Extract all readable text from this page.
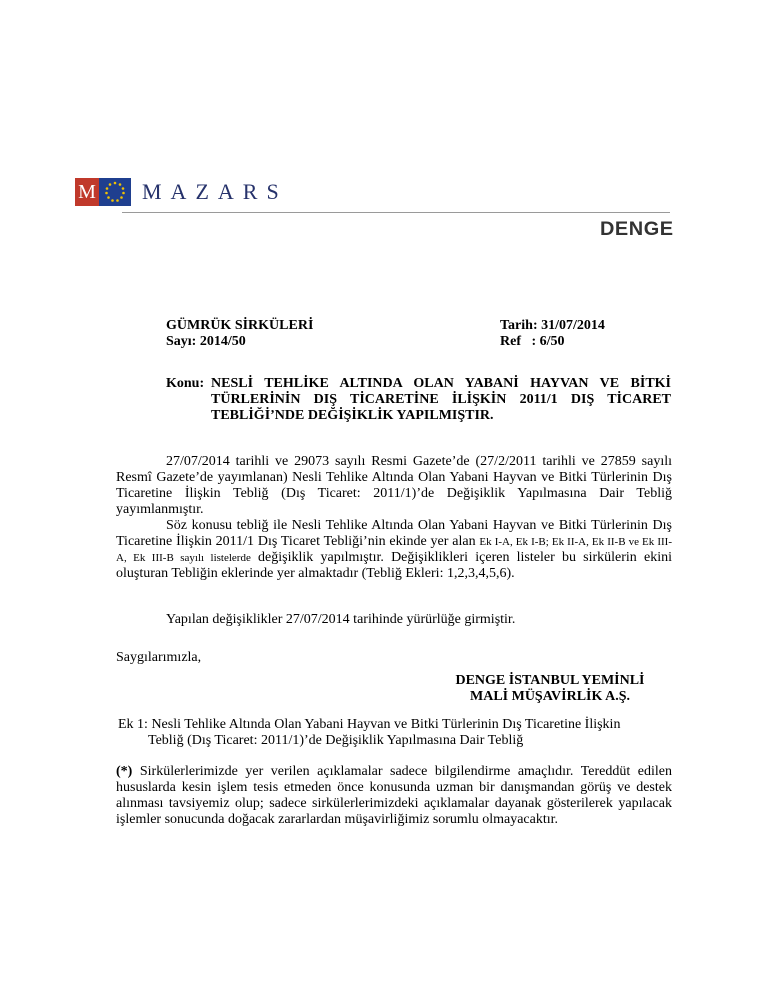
M MAZARS
DENGE
GÜMRÜK SİRKÜLERİ
Sayı: 2014/50
Tarih: 31/07/2014
Ref   : 6/50
Konu: NESLİ TEHLİKE ALTINDA OLAN YABANİ HAYVAN VE BİTKİ TÜRLERİNİN DIŞ TİCARETİNE İLİŞKİN 2011/1 DIŞ TİCARET TEBLİĞİ’NDE DEĞİŞİKLİK YAPILMIŞTIR.
27/07/2014 tarihli ve 29073 sayılı Resmi Gazete’de (27/2/2011 tarihli ve 27859 sayılı Resmî Gazete’de yayımlanan) Nesli Tehlike Altında Olan Yabani Hayvan ve Bitki Türlerinin Dış Ticaretine İlişkin Tebliğ (Dış Ticaret: 2011/1)’de Değişiklik Yapılmasına Dair Tebliğ yayımlanmıştır.
Söz konusu tebliğ ile Nesli Tehlike Altında Olan Yabani Hayvan ve Bitki Türlerinin Dış Ticaretine İlişkin 2011/1 Dış Ticaret Tebliği’nin ekinde yer alan Ek I-A, Ek I-B; Ek II-A, Ek II-B ve Ek III-A, Ek III-B sayılı listelerde değişiklik yapılmıştır. Değişiklikleri içeren listeler bu sirkülerin ekini oluşturan Tebliğin eklerinde yer almaktadır (Tebliğ Ekleri: 1,2,3,4,5,6).
Yapılan değişiklikler 27/07/2014 tarihinde yürürlüğe girmiştir.
Saygılarımızla,
DENGE İSTANBUL YEMİNLİ
MALİ MÜŞAVİRLİK A.Ş.
Ek 1: Nesli Tehlike Altında Olan Yabani Hayvan ve Bitki Türlerinin Dış Ticaretine İlişkin
Tebliğ (Dış Ticaret: 2011/1)’de Değişiklik Yapılmasına Dair Tebliğ
(*) Sirkülerlerimizde yer verilen açıklamalar sadece bilgilendirme amaçlıdır. Tereddüt edilen hususlarda kesin işlem tesis etmeden önce konusunda uzman bir danışmandan görüş ve destek alınması tavsiyemiz olup; sadece sirkülerlerimizdeki açıklamalar dayanak gösterilerek yapılacak işlemler sonucunda doğacak zararlardan müşavirliğimiz sorumlu olmayacaktır.
